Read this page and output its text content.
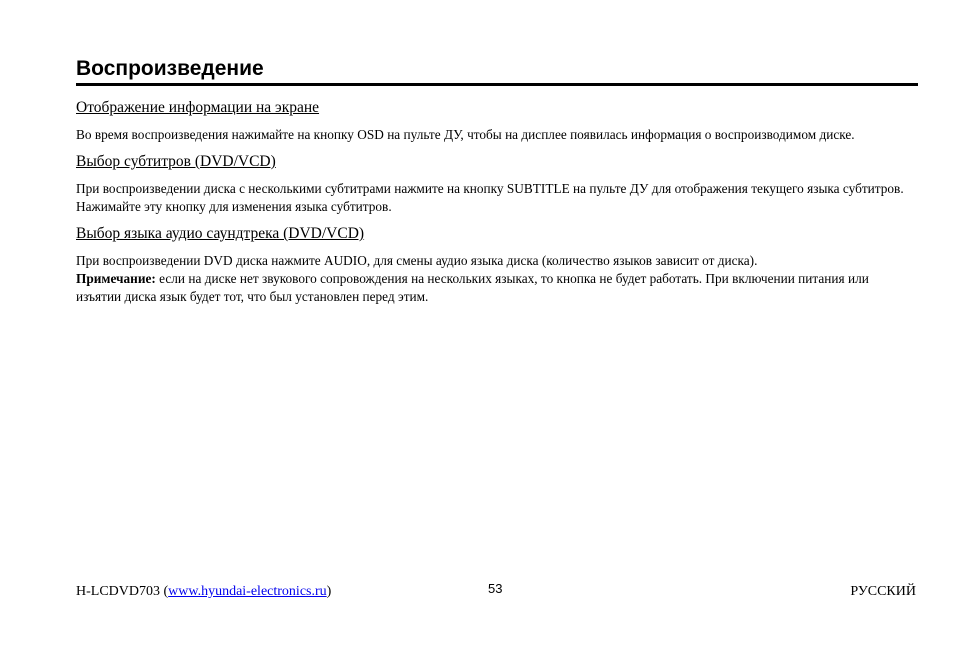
Воспроизведение

Отображение информации на экране

Во время воспроизведения нажимайте на кнопку OSD на пульте ДУ, чтобы на дисплее появилась информация о воспроизводимом диске.

Выбор субтитров (DVD/VCD)

При воспроизведении диска с несколькими субтитрами нажмите на кнопку SUBTITLE на пульте ДУ для отображения текущего языка субтитров.

Нажимайте эту кнопку для изменения языка субтитров.

Выбор языка аудио саундтрека (DVD/VCD)

При воспроизведении DVD диска нажмите AUDIO, для смены аудио языка диска (количество языков зависит от диска).

Примечание: если на диске нет звукового сопровождения на нескольких языках, то кнопка не будет работать. При включении питания или изъятии диска язык будет тот, что был установлен перед этим.

H-LCDVD703 (www.hyundai-electronics.ru)	53	РУССКИЙ
